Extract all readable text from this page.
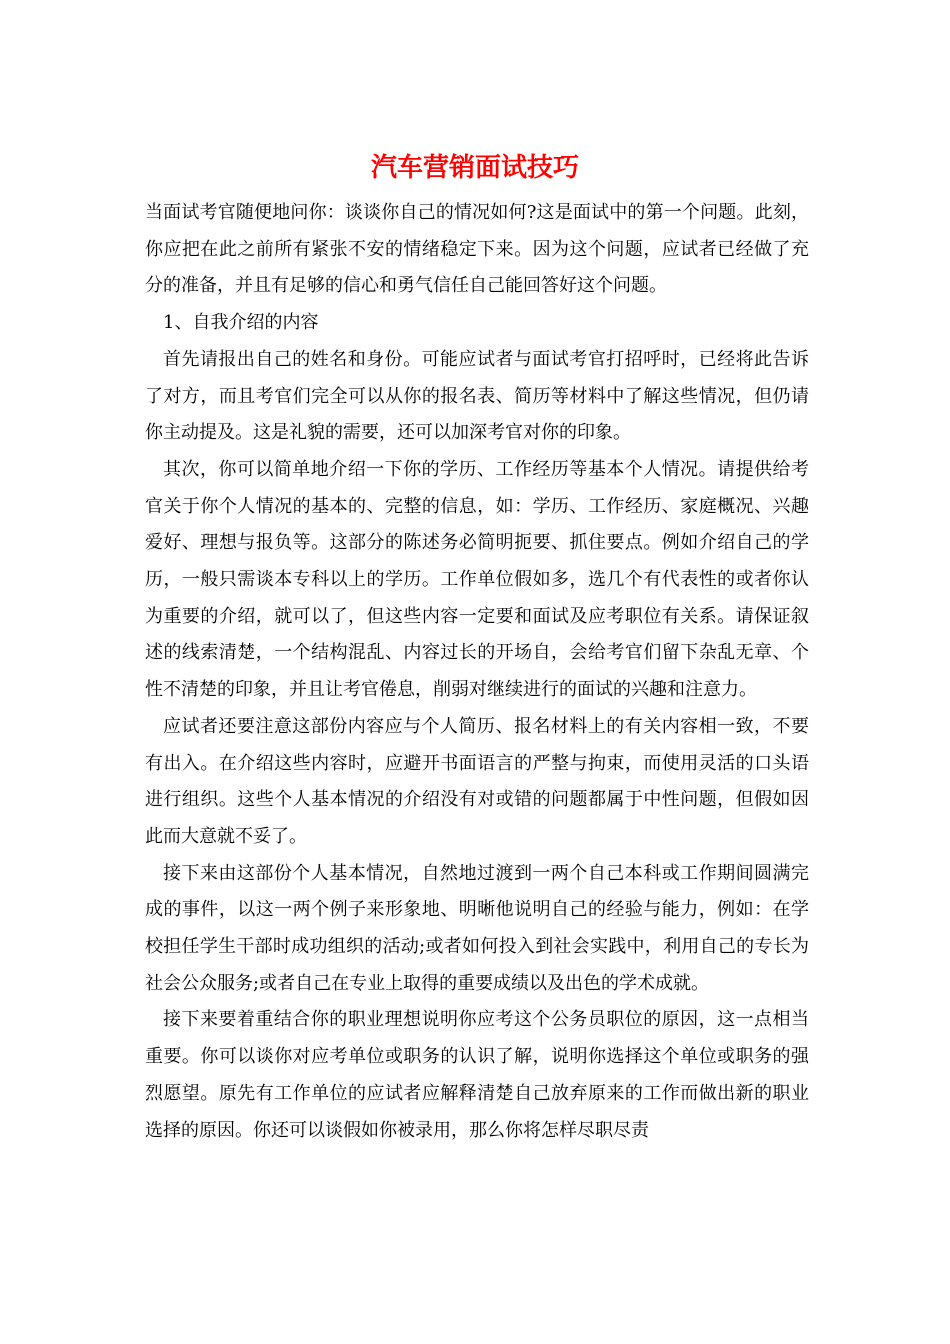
汽车营销面试技巧

当面试考官随便地问你：谈谈你自己的情况如何?这是面试中的第一个问题。此刻，你应把在此之前所有紧张不安的情绪稳定下来。因为这个问题，应试者已经做了充分的准备，并且有足够的信心和勇气信任自己能回答好这个问题。

1、自我介绍的内容

首先请报出自己的姓名和身份。可能应试者与面试考官打招呼时，已经将此告诉了对方，而且考官们完全可以从你的报名表、简历等材料中了解这些情况，但仍请你主动提及。这是礼貌的需要，还可以加深考官对你的印象。

其次，你可以简单地介绍一下你的学历、工作经历等基本个人情况。请提供给考官关于你个人情况的基本的、完整的信息，如：学历、工作经历、家庭概况、兴趣爱好、理想与报负等。这部分的陈述务必简明扼要、抓住要点。例如介绍自己的学历，一般只需谈本专科以上的学历。工作单位假如多，选几个有代表性的或者你认为重要的介绍，就可以了，但这些内容一定要和面试及应考职位有关系。请保证叙述的线索清楚，一个结构混乱、内容过长的开场自，会给考官们留下杂乱无章、个性不清楚的印象，并且让考官倦息，削弱对继续进行的面试的兴趣和注意力。

应试者还要注意这部份内容应与个人简历、报名材料上的有关内容相一致，不要有出入。在介绍这些内容时，应避开书面语言的严整与拘束，而使用灵活的口头语进行组织。这些个人基本情况的介绍没有对或错的问题都属于中性问题，但假如因此而大意就不妥了。

接下来由这部份个人基本情况，自然地过渡到一两个自己本科或工作期间圆满完成的事件，以这一两个例子来形象地、明晰他说明自己的经验与能力，例如：在学校担任学生干部时成功组织的活动;或者如何投入到社会实践中，利用自己的专长为社会公众服务;或者自己在专业上取得的重要成绩以及出色的学术成就。

接下来要着重结合你的职业理想说明你应考这个公务员职位的原因，这一点相当重要。你可以谈你对应考单位或职务的认识了解，说明你选择这个单位或职务的强烈愿望。原先有工作单位的应试者应解释清楚自己放弃原来的工作而做出新的职业选择的原因。你还可以谈假如你被录用，那么你将怎样尽职尽责
